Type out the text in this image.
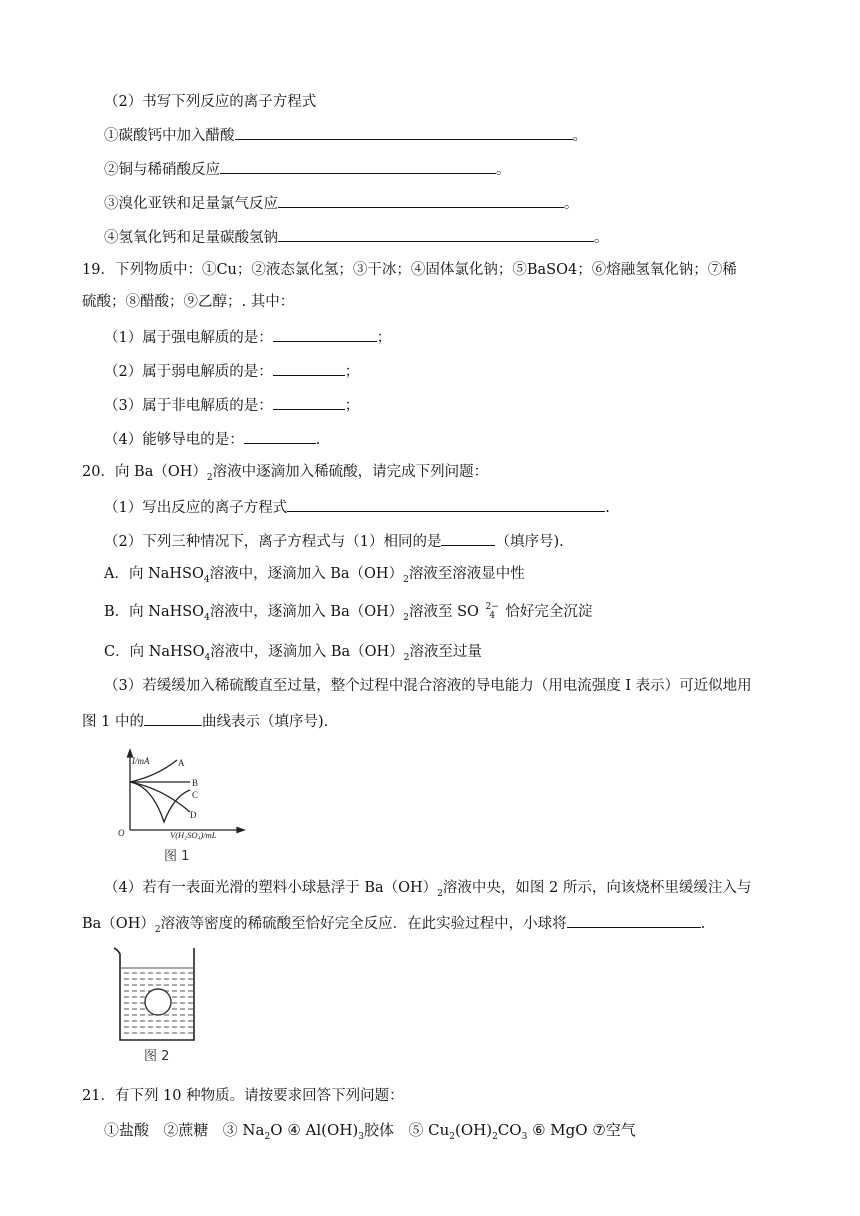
（2）书写下列反应的离子方程式
①碳酸钙中加入醋酸	。
②铜与稀硝酸反应	。
③溴化亚铁和足量氯气反应	。
④氢氧化钙和足量碳酸氢钠	。
19．下列物质中：①Cu；②液态氯化氢；③干冰；④固体氯化钠；⑤BaSO4；⑥熔融氢氧化钠；⑦稀
硫酸；⑧醋酸；⑨乙醇；. 其中：
（1）属于强电解质的是：	；
（2）属于弱电解质的是：	；
（3）属于非电解质的是：	；
（4）能够导电的是：	.
20．向 $Ba(OH)_2$溶液中逐滴加入稀硫酸，请完成下列问题：
（1）写出反应的离子方程式	.
（2）下列三种情况下，离子方程式与（1）相同的是	（填序号).
A．向 NaHSO$_4$溶液中，逐滴加入 $Ba(OH)_2$溶液至溶液显中性
B．向 NaHSO$_4$溶液中，逐滴加入 $Ba(OH)_2$溶液至 SO 2−
4 恰好完全沉淀
C．向 NaHSO$_4$溶液中，逐滴加入 $Ba(OH)_2$溶液至过量
（3）若缓缓加入稀硫酸直至过量，整个过程中混合溶液的导电能力（用电流强度 I 表示）可近似地用
图 1 中的	曲线表示（填序号).
I/mA	A
B
C
D
O	V(H₂SO₄)/mL
图 1
（4）若有一表面光滑的塑料小球悬浮于 $Ba(OH)_2$溶液中央，如图 2 所示，向该烧杯里缓缓注入与
$Ba(OH)_2$溶液等密度的稀硫酸至恰好完全反应．在此实验过程中，小球将	.
图 2
21．有下列 10 种物质。请按要求回答下列问题：
①盐酸 ②蔗糖 ③ $Na_2O$ ④ $Al(OH)_3$胶体 ⑤ $Cu_2(OH)_2CO_3$ ⑥ MgO ⑦空气
